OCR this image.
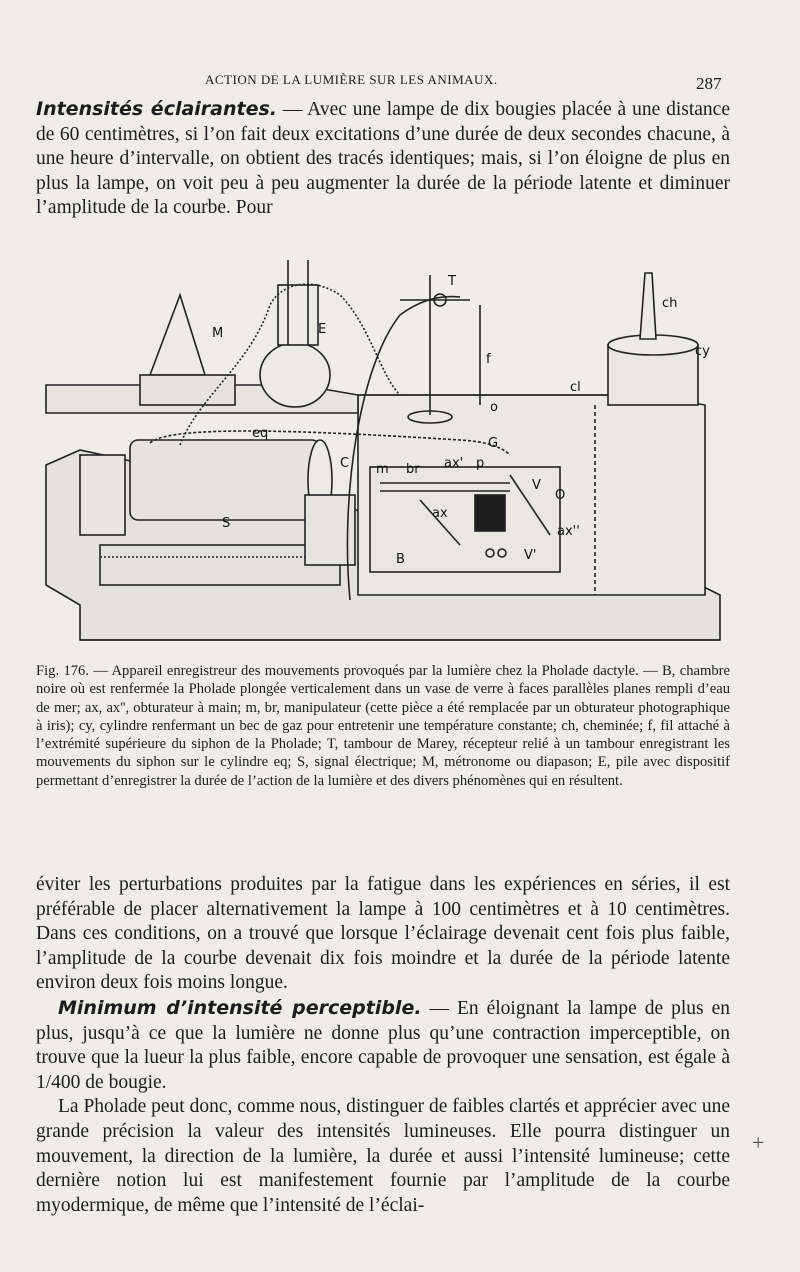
ACTION DE LA LUMIÈRE SUR LES ANIMAUX.	287

Intensités éclairantes. — Avec une lampe de dix bougies placée à une distance de 60 centimètres, si l’on fait deux excitations d’une durée de deux secondes chacune, à une heure d’intervalle, on obtient des tracés identiques; mais, si l’on éloigne de plus en plus la lampe, on voit peu à peu augmenter la durée de la période latente et diminuer l’amplitude de la courbe. Pour

M	E
T
ch
cy
f
o
cl
eq
C
G
m br ax' p
V
O
ax
ax''
B	V'
S
Fig. 176. — Appareil enregistreur des mouvements provoqués par la lumière chez la Pholade dactyle. — B, chambre noire où est renfermée la Pholade plongée verticalement dans un vase de verre à faces parallèles planes rempli d’eau de mer; ax, ax'', obturateur à main; m, br, manipulateur (cette pièce a été remplacée par un obturateur photographique à iris); cy, cylindre renfermant un bec de gaz pour entretenir une température constante; ch, cheminée; f, fil attaché à l’extrémité supérieure du siphon de la Pholade; T, tambour de Marey, récepteur relié à un tambour enregistrant les mouvements du siphon sur le cylindre eq; S, signal électrique; M, métronome ou diapason; E, pile avec dispositif permettant d’enregistrer la durée de l’action de la lumière et des divers phénomènes qui en résultent.

éviter les perturbations produites par la fatigue dans les expériences en séries, il est préférable de placer alternativement la lampe à 100 centimètres et à 10 centimètres. Dans ces conditions, on a trouvé que lorsque l’éclairage devenait cent fois plus faible, l’amplitude de la courbe devenait dix fois moindre et la durée de la période latente environ deux fois moins longue.

Minimum d’intensité perceptible. — En éloignant la lampe de plus en plus, jusqu’à ce que la lumière ne donne plus qu’une contraction imperceptible, on trouve que la lueur la plus faible, encore capable de provoquer une sensation, est égale à 1/400 de bougie.

La Pholade peut donc, comme nous, distinguer de faibles clartés et apprécier avec une grande précision la valeur des intensités lumineuses. Elle pourra distinguer un mouvement, la direction de la lumière, la durée et aussi l’intensité lumineuse; cette dernière notion lui est manifestement fournie par l’amplitude de la courbe myodermique, de même que l’intensité de l’éclai-

+
